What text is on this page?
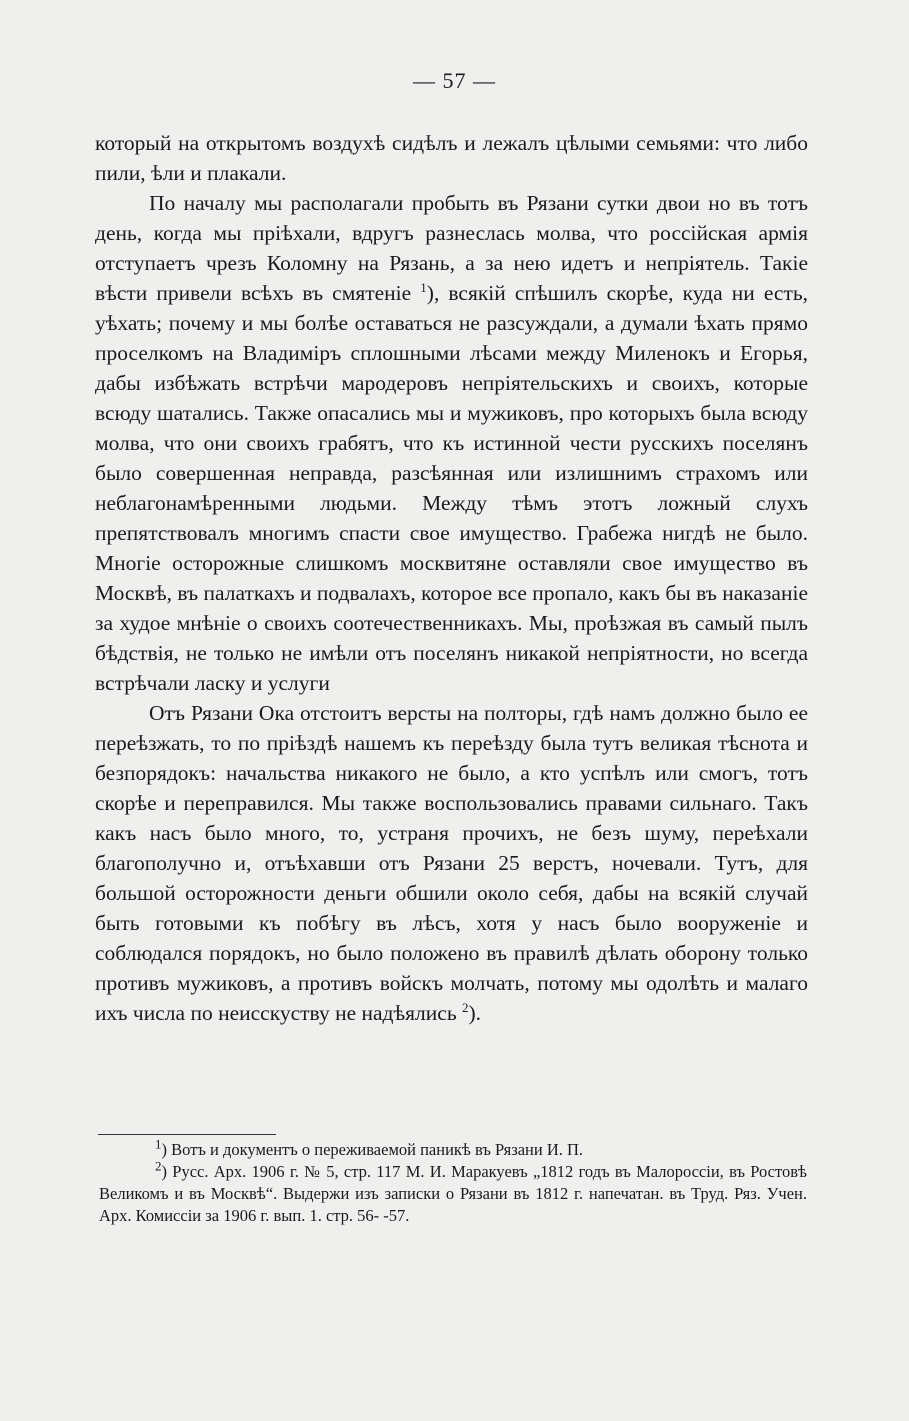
— 57 —

который на открытомъ воздухѣ сидѣлъ и лежалъ цѣлыми семьями: что либо пили, ѣли и плакали.

По началу мы располагали пробыть въ Рязани сутки двои но въ тотъ день, когда мы пріѣхали, вдругъ разнеслась молва, что россійская армія отступаетъ чрезъ Коломну на Рязань, а за нею идетъ и непріятель. Такіе вѣсти привели всѣхъ въ смятеніе $^1$), всякій спѣшилъ скорѣе, куда ни есть, уѣхать; почему и мы болѣе оставаться не разсуждали, а думали ѣхать прямо проселкомъ на Владиміръ сплошными лѣсами между Миленокъ и Егорья, дабы избѣжать встрѣчи мародеровъ непріятельскихъ и своихъ, которые всюду шатались. Также опасались мы и мужиковъ, про которыхъ была всюду молва, что они своихъ грабятъ, что къ истинной чести русскихъ поселянъ было совершенная неправда, разсѣянная или излишнимъ страхомъ или неблагонамѣренными людьми. Между тѣмъ этотъ ложный слухъ препятствовалъ многимъ спасти свое имущество. Грабежа нигдѣ не было. Многіе осторожные слишкомъ москвитяне оставляли свое имущество въ Москвѣ, въ палаткахъ и подвалахъ, которое все пропало, какъ бы въ наказаніе за худое мнѣніе о своихъ соотечественникахъ. Мы, проѣзжая въ самый пылъ бѣдствія, не только не имѣли отъ поселянъ никакой непріятности, но всегда встрѣчали ласку и услуги

Отъ Рязани Ока отстоитъ версты на полторы, гдѣ намъ должно было ее переѣзжать, то по пріѣздѣ нашемъ къ переѣзду была тутъ великая тѣснота и безпорядокъ: начальства никакого не было, а кто успѣлъ или смогъ, тотъ скорѣе и переправился. Мы также воспользовались правами сильнаго. Такъ какъ насъ было много, то, устраня прочихъ, не безъ шуму, переѣхали благополучно и, отъѣхавши отъ Рязани 25 верстъ, ночевали. Тутъ, для большой осторожности деньги обшили около себя, дабы на всякій случай быть готовыми къ побѣгу въ лѣсъ, хотя у насъ было вооруженіе и соблюдался порядокъ, но было положено въ правилѣ дѣлать оборону только противъ мужиковъ, а противъ войскъ молчать, потому мы одолѣть и малаго ихъ числа по неисскуству не надѣялись $^2$).

$^1$) Вотъ и документъ о переживаемой паникѣ въ Рязани И. П.

$^2$) Русс. Арх. 1906 г. № 5, стр. 117 М. И. Маракуевъ „1812 годъ въ Малороссіи, въ Ростовѣ Великомъ и въ Москвѣ“. Выдержи изъ записки о Рязани въ 1812 г. напечатан. въ Труд. Ряз. Учен. Арх. Комиссіи за 1906 г. вып. 1. стр. 56- -57.
